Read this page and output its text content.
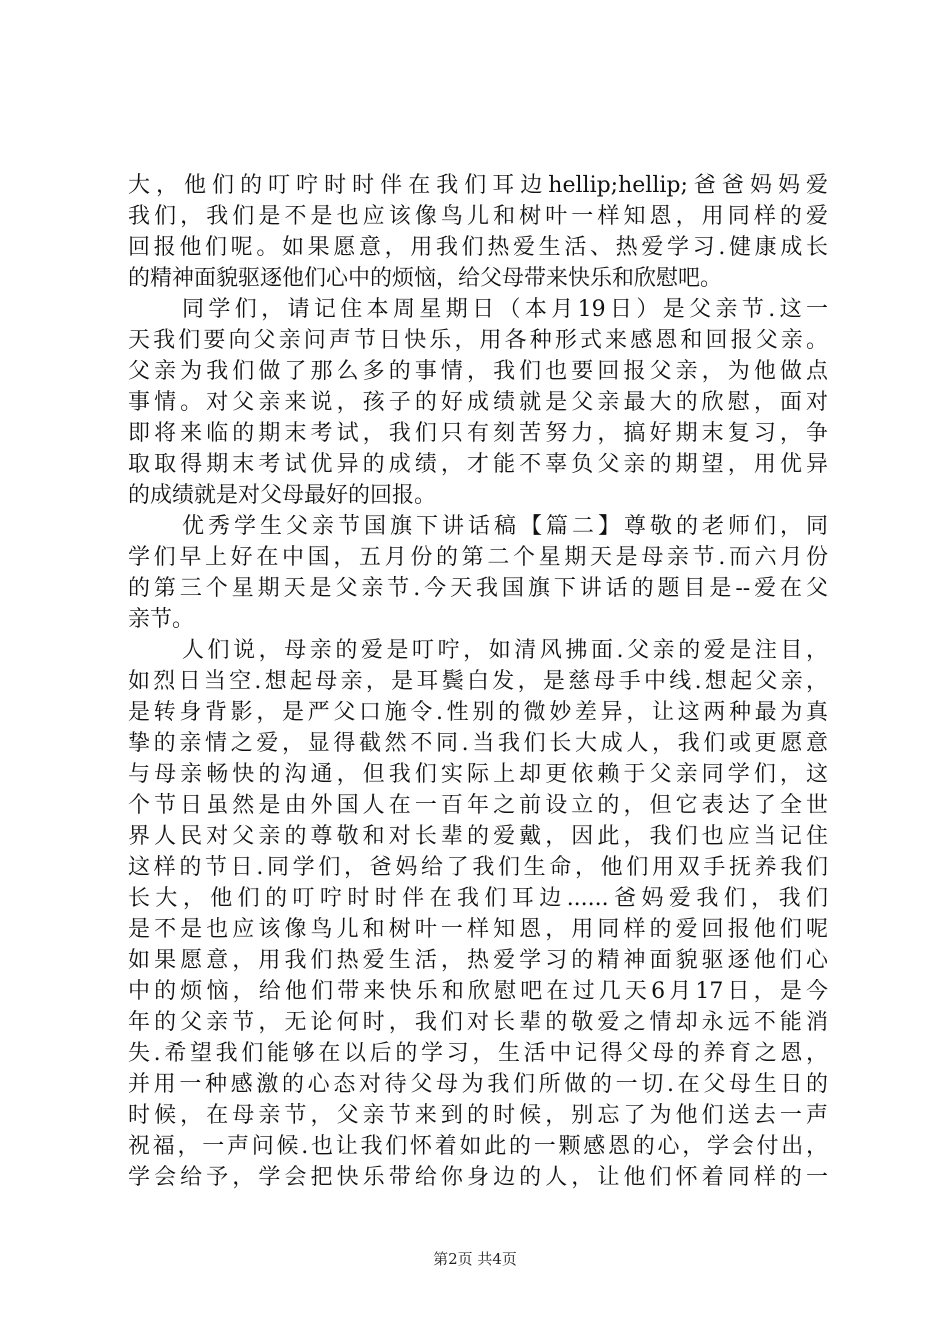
大，他们的叮咛时时伴在我们耳边hellip;hellip;爸爸妈妈爱
我们，我们是不是也应该像鸟儿和树叶一样知恩，用同样的爱
回报他们呢。如果愿意，用我们热爱生活、热爱学习.健康成长
的精神面貌驱逐他们心中的烦恼，给父母带来快乐和欣慰吧。
同学们，请记住本周星期日（本月19日）是父亲节.这一
天我们要向父亲问声节日快乐，用各种形式来感恩和回报父亲。
父亲为我们做了那么多的事情，我们也要回报父亲，为他做点
事情。对父亲来说，孩子的好成绩就是父亲最大的欣慰，面对
即将来临的期末考试，我们只有刻苦努力，搞好期末复习，争
取取得期末考试优异的成绩，才能不辜负父亲的期望，用优异
的成绩就是对父母最好的回报。
优秀学生父亲节国旗下讲话稿【篇二】尊敬的老师们，同
学们早上好在中国，五月份的第二个星期天是母亲节.而六月份
的第三个星期天是父亲节.今天我国旗下讲话的题目是--爱在父
亲节。
人们说，母亲的爱是叮咛，如清风拂面.父亲的爱是注目，
如烈日当空.想起母亲，是耳鬓白发，是慈母手中线.想起父亲，
是转身背影，是严父口施令.性别的微妙差异，让这两种最为真
挚的亲情之爱，显得截然不同.当我们长大成人，我们或更愿意
与母亲畅快的沟通，但我们实际上却更依赖于父亲同学们，这
个节日虽然是由外国人在一百年之前设立的，但它表达了全世
界人民对父亲的尊敬和对长辈的爱戴，因此，我们也应当记住
这样的节日.同学们，爸妈给了我们生命，他们用双手抚养我们
长大，他们的叮咛时时伴在我们耳边......爸妈爱我们，我们
是不是也应该像鸟儿和树叶一样知恩，用同样的爱回报他们呢
如果愿意，用我们热爱生活，热爱学习的精神面貌驱逐他们心
中的烦恼，给他们带来快乐和欣慰吧在过几天6月17日，是今
年的父亲节，无论何时，我们对长辈的敬爱之情却永远不能消
失.希望我们能够在以后的学习，生活中记得父母的养育之恩，
并用一种感激的心态对待父母为我们所做的一切.在父母生日的
时候，在母亲节，父亲节来到的时候，别忘了为他们送去一声
祝福，一声问候.也让我们怀着如此的一颗感恩的心，学会付出，
学会给予，学会把快乐带给你身边的人，让他们怀着同样的一
第2页 共4页
